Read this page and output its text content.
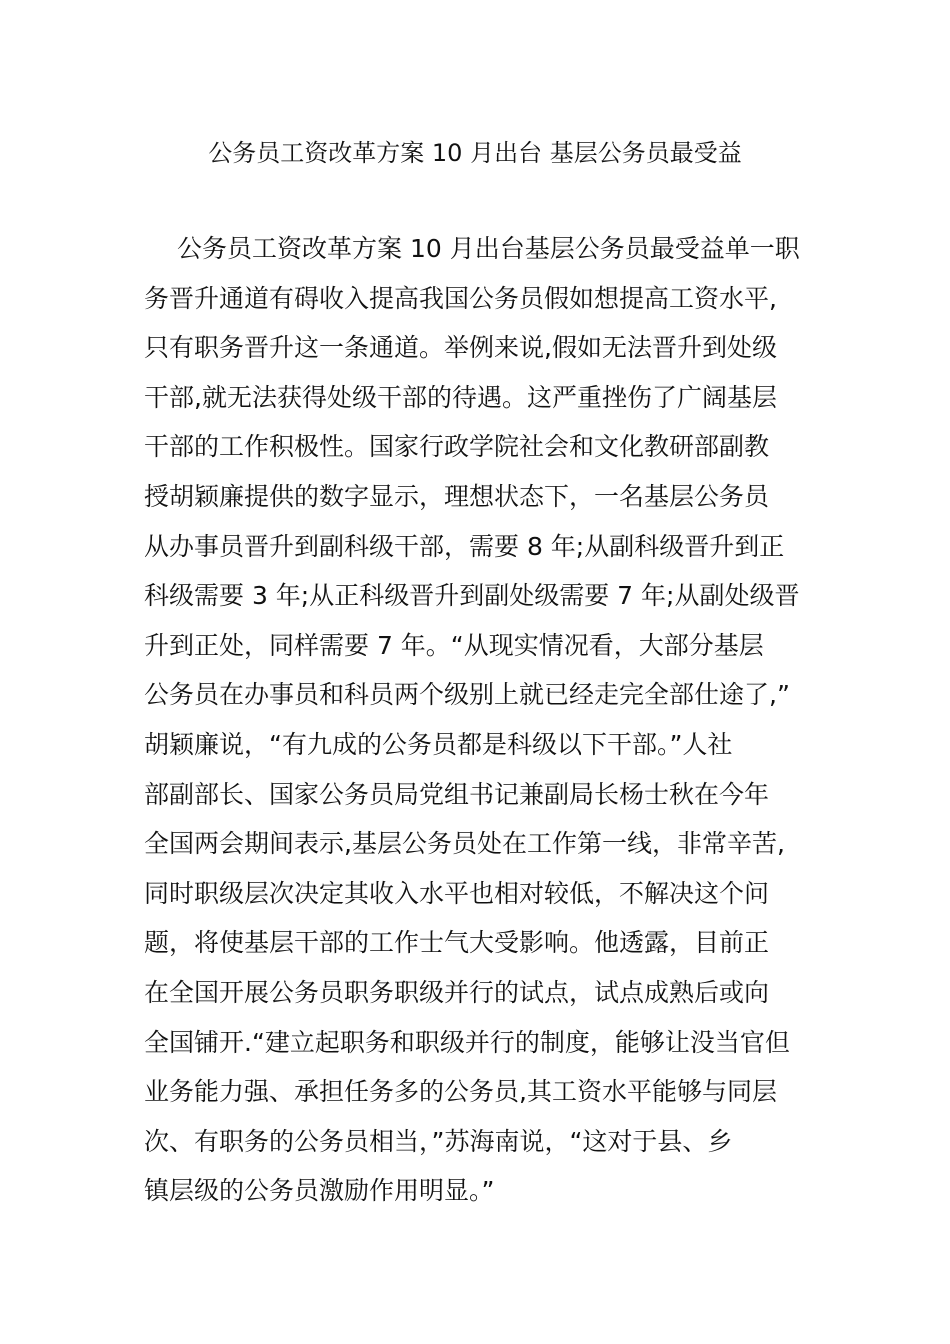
公务员工资改革方案 10 月出台 基层公务员最受益
公务员工资改革方案 10 月出台基层公务员最受益单一职
务晋升通道有碍收入提高我国公务员假如想提高工资水平,
只有职务晋升这一条通道。举例来说,假如无法晋升到处级
干部,就无法获得处级干部的待遇。这严重挫伤了广阔基层
干部的工作积极性。国家行政学院社会和文化教研部副教
授胡颖廉提供的数字显示，理想状态下，一名基层公务员
从办事员晋升到副科级干部，需要 8 年;从副科级晋升到正
科级需要 3 年;从正科级晋升到副处级需要 7 年;从副处级晋
升到正处，同样需要 7 年。“从现实情况看，大部分基层
公务员在办事员和科员两个级别上就已经走完全部仕途了,”
胡颖廉说，“有九成的公务员都是科级以下干部。”人社
部副部长、国家公务员局党组书记兼副局长杨士秋在今年
全国两会期间表示,基层公务员处在工作第一线，非常辛苦,
同时职级层次决定其收入水平也相对较低，不解决这个问
题，将使基层干部的工作士气大受影响。他透露，目前正
在全国开展公务员职务职级并行的试点，试点成熟后或向
全国铺开.“建立起职务和职级并行的制度，能够让没当官但
业务能力强、承担任务多的公务员,其工资水平能够与同层
次、有职务的公务员相当，”苏海南说，“这对于县、乡
镇层级的公务员激励作用明显。”
